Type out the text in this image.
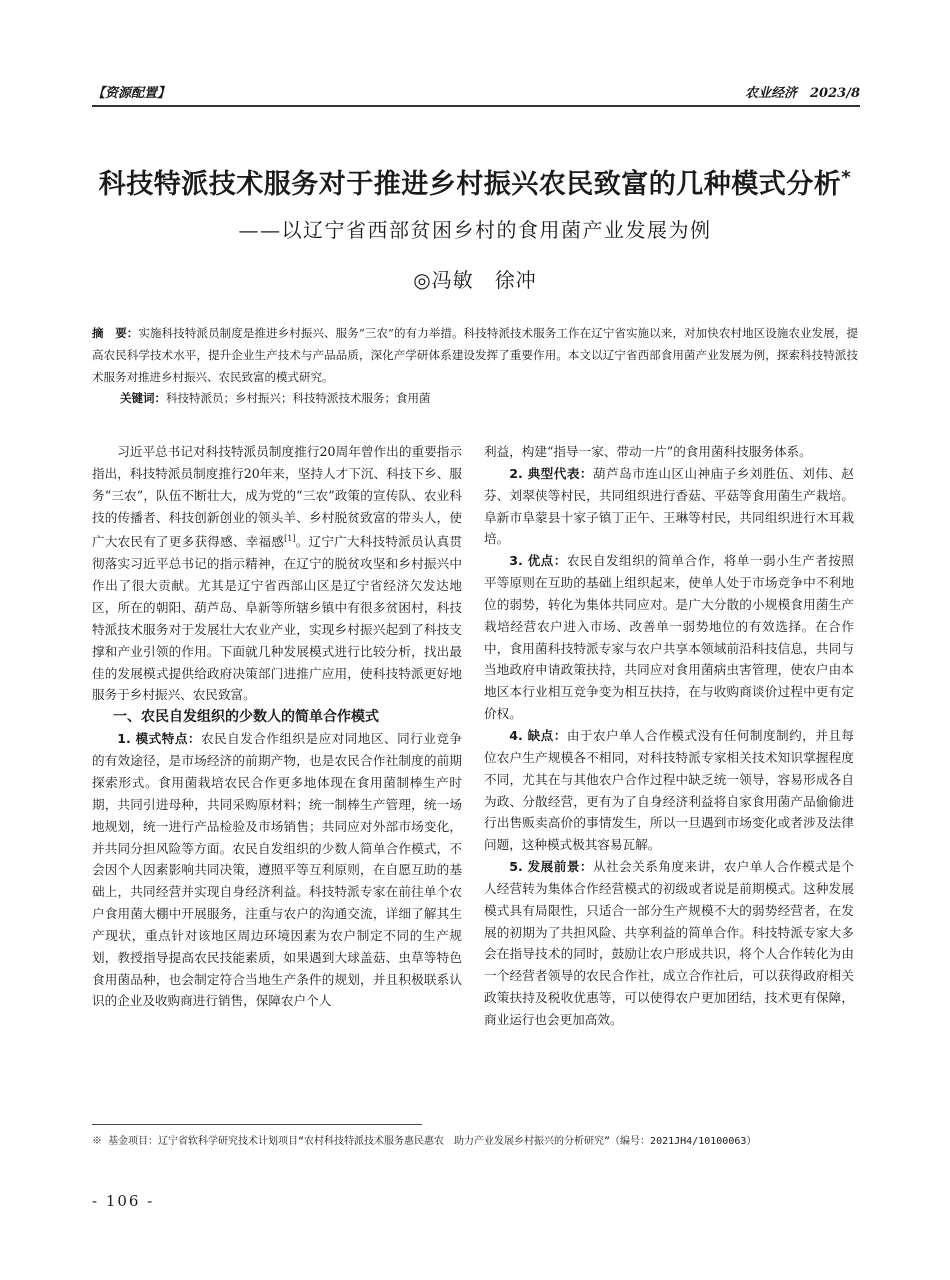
【资源配置】	农业经济　2023/8
科技特派技术服务对于推进乡村振兴农民致富的几种模式分析*
——以辽宁省西部贫困乡村的食用菌产业发展为例
◎冯敏　徐冲
摘　要：实施科技特派员制度是推进乡村振兴、服务“三农”的有力举措。科技特派技术服务工作在辽宁省实施以来，对加快农村地区设施农业发展，提高农民科学技术水平，提升企业生产技术与产品品质，深化产学研体系建设发挥了重要作用。本文以辽宁省西部食用菌产业发展为例，探索科技特派技术服务对推进乡村振兴、农民致富的模式研究。
关键词：科技特派员；乡村振兴；科技特派技术服务；食用菌

习近平总书记对科技特派员制度推行20周年曾作出的重要指示指出，科技特派员制度推行20年来，坚持人才下沉、科技下乡、服务“三农”，队伍不断壮大，成为党的“三农”政策的宣传队、农业科技的传播者、科技创新创业的领头羊、乡村脱贫致富的带头人，使广大农民有了更多获得感、幸福感[1]。辽宁广大科技特派员认真贯彻落实习近平总书记的指示精神，在辽宁的脱贫攻坚和乡村振兴中作出了很大贡献。尤其是辽宁省西部山区是辽宁省经济欠发达地区，所在的朝阳、葫芦岛、阜新等所辖乡镇中有很多贫困村，科技特派技术服务对于发展壮大农业产业，实现乡村振兴起到了科技支撑和产业引领的作用。下面就几种发展模式进行比较分析，找出最佳的发展模式提供给政府决策部门进推广应用，使科技特派更好地服务于乡村振兴、农民致富。

一、农民自发组织的少数人的简单合作模式

1. 模式特点：农民自发合作组织是应对同地区、同行业竞争的有效途径，是市场经济的前期产物，也是农民合作社制度的前期探索形式。食用菌栽培农民合作更多地体现在食用菌制棒生产时期，共同引进母种，共同采购原材料；统一制棒生产管理，统一场地规划，统一进行产品检验及市场销售；共同应对外部市场变化，并共同分担风险等方面。农民自发组织的少数人简单合作模式，不会因个人因素影响共同决策，遵照平等互利原则，在自愿互助的基础上，共同经营并实现自身经济利益。科技特派专家在前往单个农户食用菌大棚中开展服务，注重与农户的沟通交流，详细了解其生产现状，重点针对该地区周边环境因素为农户制定不同的生产规划，教授指导提高农民技能素质，如果遇到大球盖菇、虫草等特色食用菌品种，也会制定符合当地生产条件的规划，并且积极联系认识的企业及收购商进行销售，保障农户个人

利益，构建“指导一家、带动一片”的食用菌科技服务体系。

2. 典型代表：葫芦岛市连山区山神庙子乡刘胜伍、刘伟、赵芬、刘翠侠等村民，共同组织进行香菇、平菇等食用菌生产栽培。阜新市阜蒙县十家子镇丁正午、王琳等村民，共同组织进行木耳栽培。

3. 优点：农民自发组织的简单合作，将单一弱小生产者按照平等原则在互助的基础上组织起来，使单人处于市场竞争中不利地位的弱势，转化为集体共同应对。是广大分散的小规模食用菌生产栽培经营农户进入市场、改善单一弱势地位的有效选择。在合作中，食用菌科技特派专家与农户共享本领域前沿科技信息，共同与当地政府申请政策扶持，共同应对食用菌病虫害管理，使农户由本地区本行业相互竞争变为相互扶持，在与收购商谈价过程中更有定价权。

4. 缺点：由于农户单人合作模式没有任何制度制约，并且每位农户生产规模各不相同，对科技特派专家相关技术知识掌握程度不同，尤其在与其他农户合作过程中缺乏统一领导，容易形成各自为政、分散经营，更有为了自身经济利益将自家食用菌产品偷偷进行出售贩卖高价的事情发生，所以一旦遇到市场变化或者涉及法律问题，这种模式极其容易瓦解。

5. 发展前景：从社会关系角度来讲，农户单人合作模式是个人经营转为集体合作经营模式的初级或者说是前期模式。这种发展模式具有局限性，只适合一部分生产规模不大的弱势经营者，在发展的初期为了共担风险、共享利益的简单合作。科技特派专家大多会在指导技术的同时，鼓励让农户形成共识，将个人合作转化为由一个经营者领导的农民合作社，成立合作社后，可以获得政府相关政策扶持及税收优惠等，可以使得农户更加团结，技术更有保障，商业运行也会更加高效。

※ 基金项目：辽宁省软科学研究技术计划项目“农村科技特派技术服务惠民惠农　助力产业发展乡村振兴的分析研究”（编号：2021JH4/10100063）
- 106 -
